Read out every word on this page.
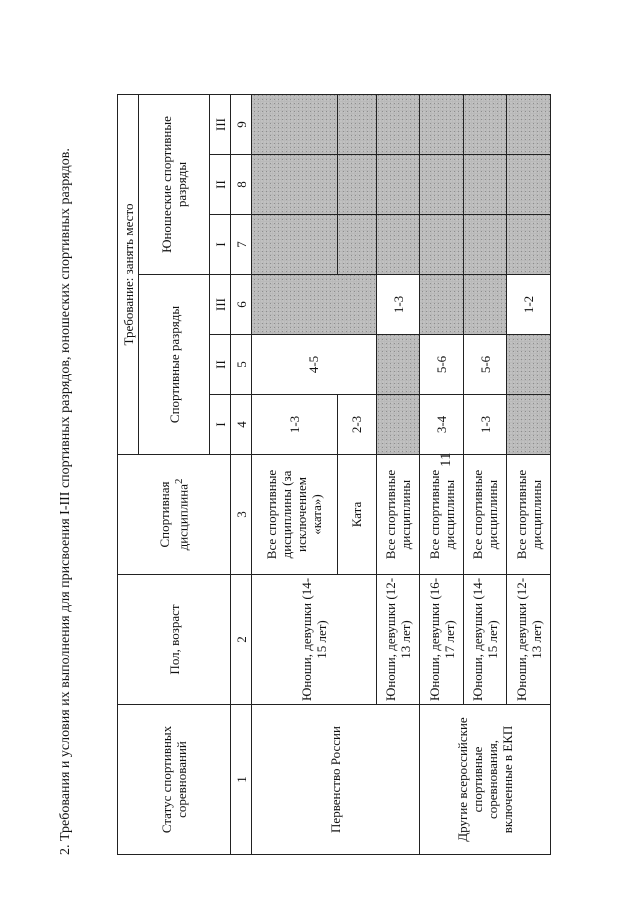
11
2. Требования и условия их выполнения для присвоения I-III спортивных разрядов, юношеских спортивных разрядов.	Статус спортивных соревнований	Пол, возраст	Спортивная дисциплина$^2$	Требование: занять место					
			Спортивные разряды			Юношеские спортивные разряды		
			I	II	III	I	II	III
1	2	3	4	5	6	7	8	9
Первенство России	Юноши, девушки (14-15 лет)	Все спортивные дисциплины (за исключением «ката»)	1-3	4-5				
		Ката	2-3					
	Юноши, девушки (12-13 лет)	Все спортивные дисциплины			1-3			
Другие всероссийские спортивные соревнования, включенные в ЕКП	Юноши, девушки (16-17 лет)	Все спортивные дисциплины	3-4	5-6				
	Юноши, девушки (14-15 лет)	Все спортивные дисциплины	1-3	5-6				
	Юноши, девушки (12-13 лет)	Все спортивные дисциплины			1-2			
